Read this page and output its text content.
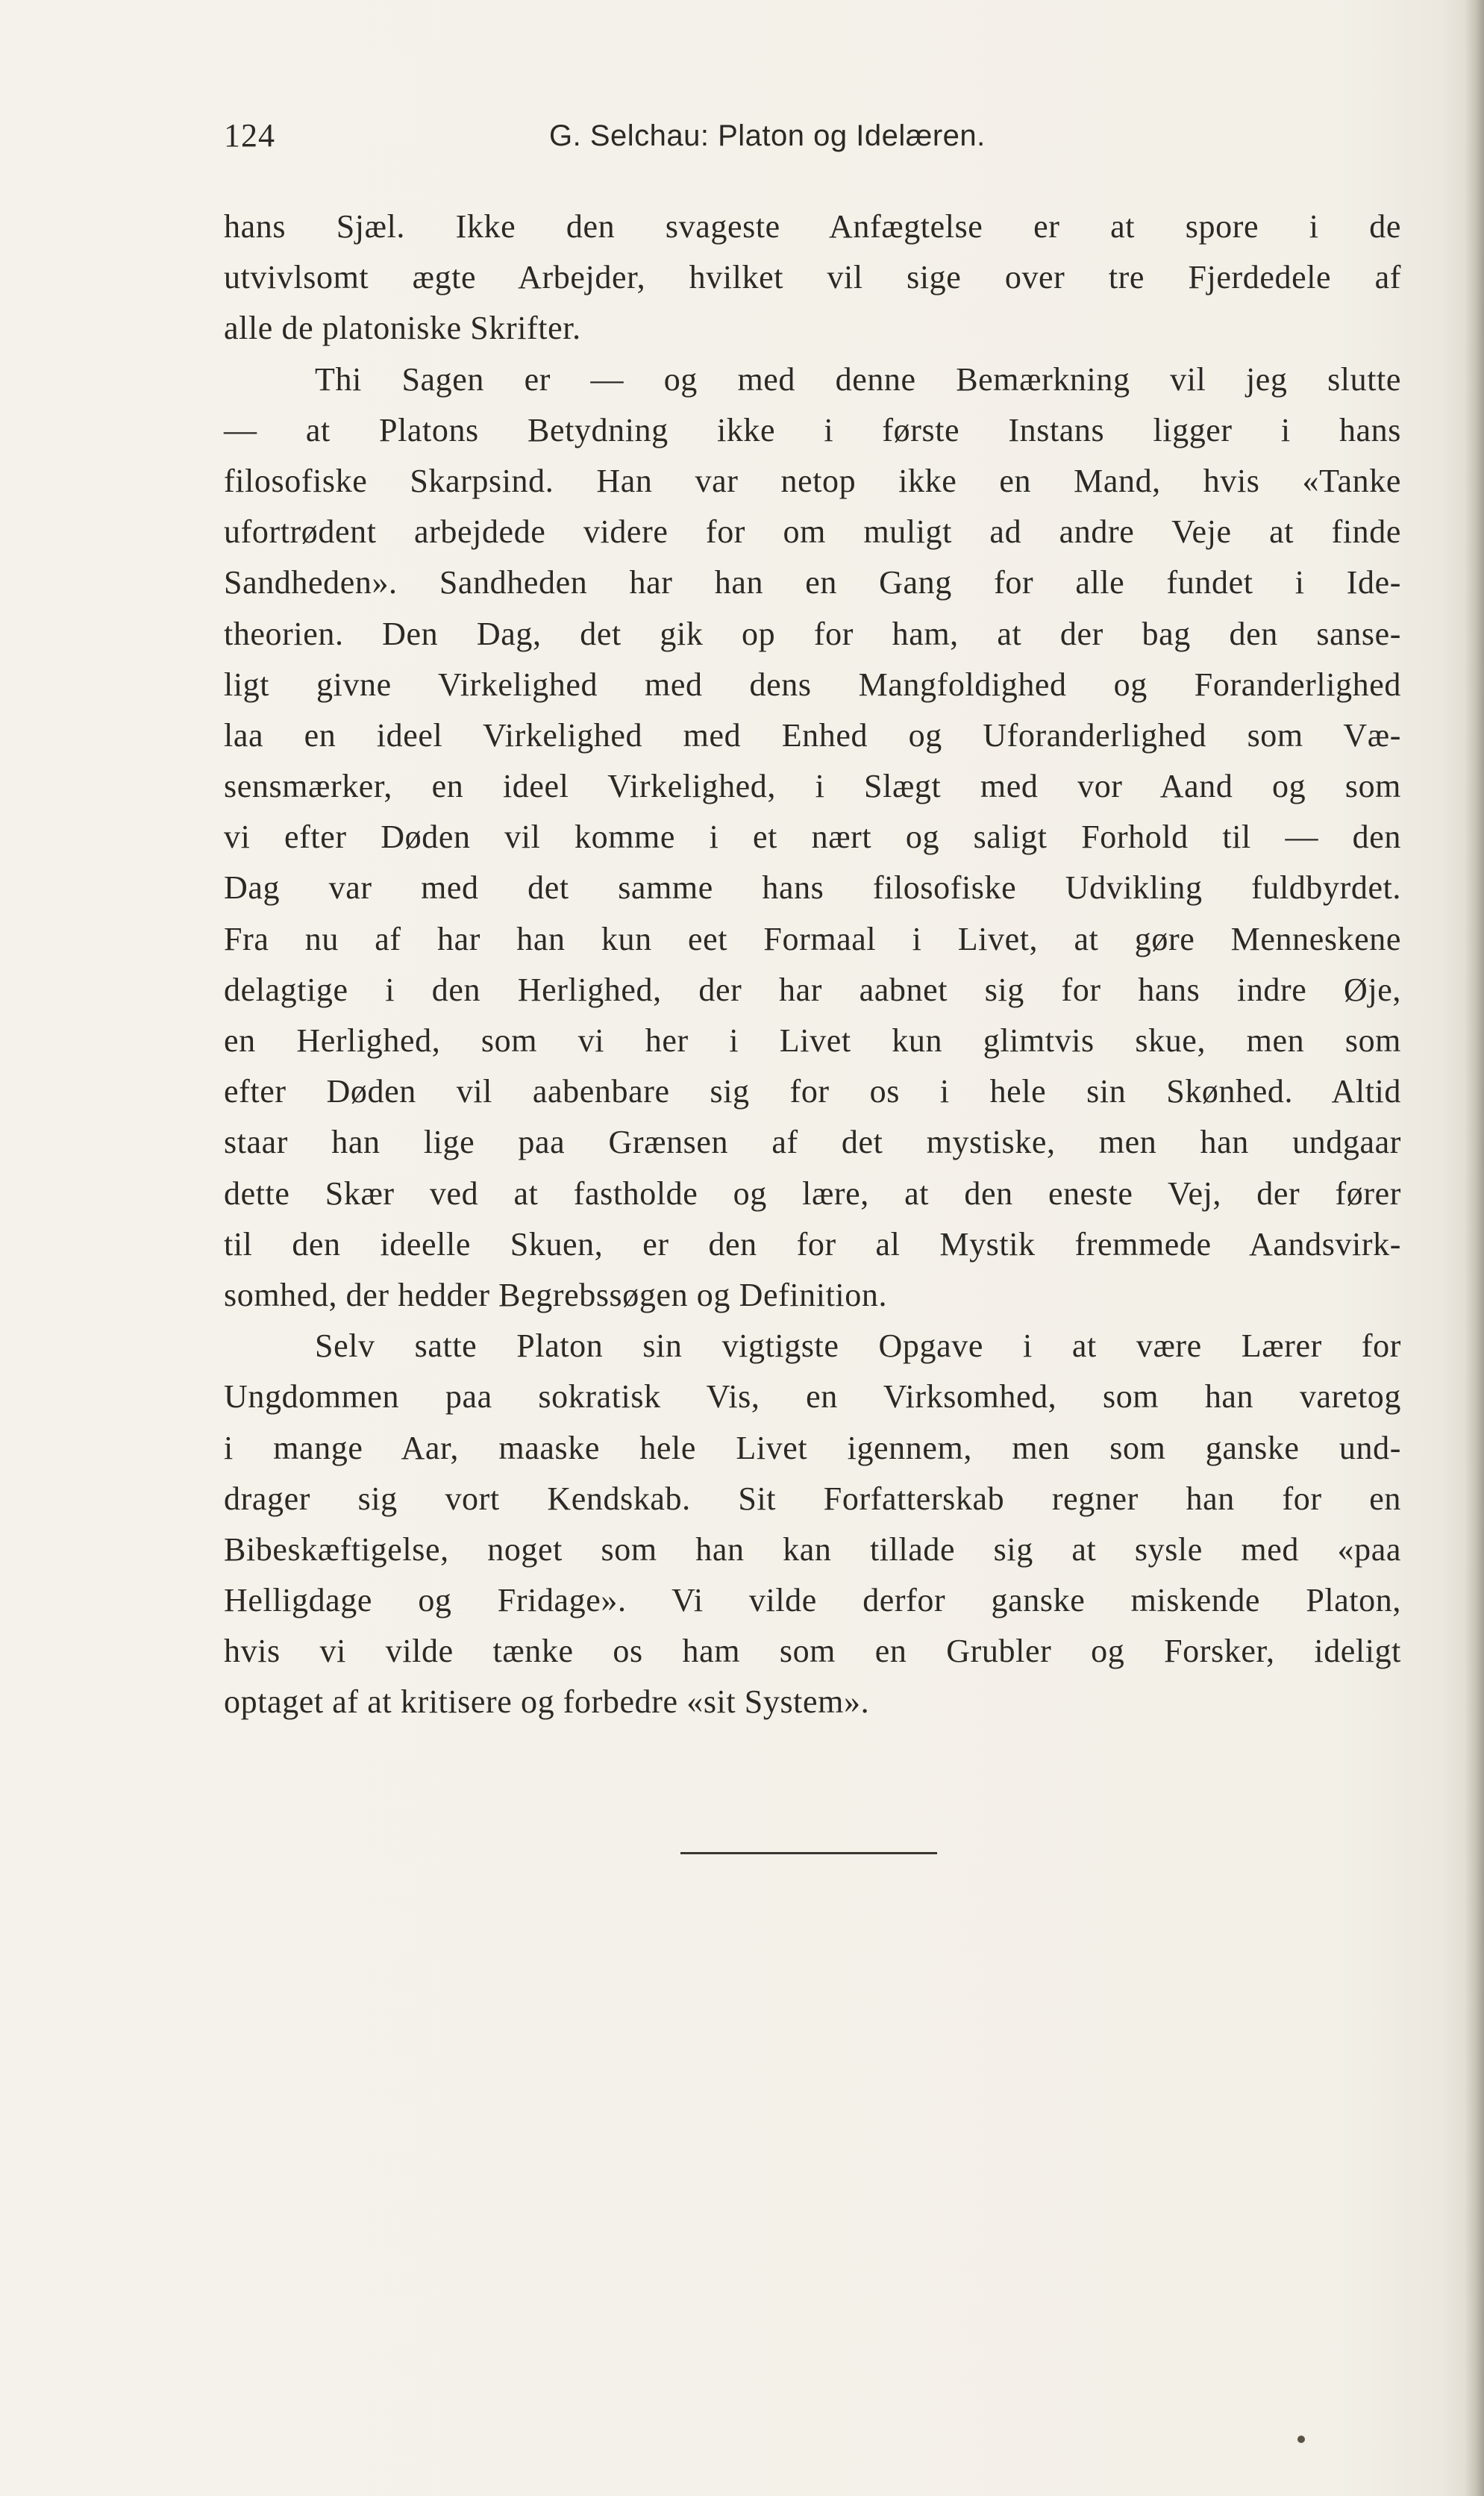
124	G. Selchau: Platon og Idelæren.
hans Sjæl. Ikke den svageste Anfægtelse er at spore i de
utvivlsomt ægte Arbejder, hvilket vil sige over tre Fjerdedele af
alle de platoniske Skrifter.
Thi Sagen er — og med denne Bemærkning vil jeg slutte
— at Platons Betydning ikke i første Instans ligger i hans
filosofiske Skarpsind. Han var netop ikke en Mand, hvis «Tanke
ufortrødent arbejdede videre for om muligt ad andre Veje at finde
Sandheden». Sandheden har han en Gang for alle fundet i Ide-
theorien. Den Dag, det gik op for ham, at der bag den sanse-
ligt givne Virkelighed med dens Mangfoldighed og Foranderlighed
laa en ideel Virkelighed med Enhed og Uforanderlighed som Væ-
sensmærker, en ideel Virkelighed, i Slægt med vor Aand og som
vi efter Døden vil komme i et nært og saligt Forhold til — den
Dag var med det samme hans filosofiske Udvikling fuldbyrdet.
Fra nu af har han kun eet Formaal i Livet, at gøre Menneskene
delagtige i den Herlighed, der har aabnet sig for hans indre Øje,
en Herlighed, som vi her i Livet kun glimtvis skue, men som
efter Døden vil aabenbare sig for os i hele sin Skønhed. Altid
staar han lige paa Grænsen af det mystiske, men han undgaar
dette Skær ved at fastholde og lære, at den eneste Vej, der fører
til den ideelle Skuen, er den for al Mystik fremmede Aandsvirk-
somhed, der hedder Begrebssøgen og Definition.
Selv satte Platon sin vigtigste Opgave i at være Lærer for
Ungdommen paa sokratisk Vis, en Virksomhed, som han varetog
i mange Aar, maaske hele Livet igennem, men som ganske und-
drager sig vort Kendskab. Sit Forfatterskab regner han for en
Bibeskæftigelse, noget som han kan tillade sig at sysle med «paa
Helligdage og Fridage». Vi vilde derfor ganske miskende Platon,
hvis vi vilde tænke os ham som en Grubler og Forsker, ideligt
optaget af at kritisere og forbedre «sit System».
